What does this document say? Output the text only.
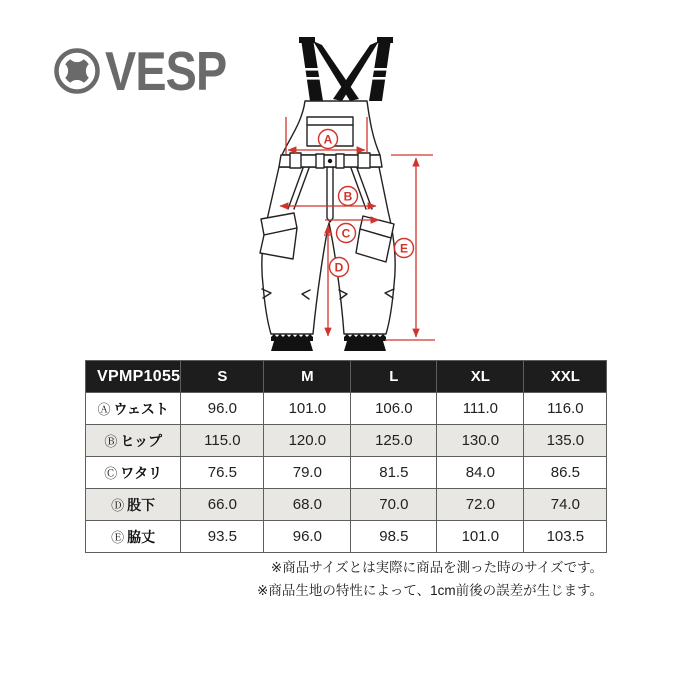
VESP
A
B
C
D
E
VPMP1055	S	M	L	XL	XXL
Ⓐ ウェスト	96.0	101.0	106.0	111.0	116.0
Ⓑ ヒップ	115.0	120.0	125.0	130.0	135.0
Ⓒ ワタリ	76.5	79.0	81.5	84.0	86.5
Ⓓ 股下	66.0	68.0	70.0	72.0	74.0
Ⓔ 脇丈	93.5	96.0	98.5	101.0	103.5
※商品サイズとは実際に商品を測った時のサイズです。
※商品生地の特性によって、1cm前後の誤差が生じます。
